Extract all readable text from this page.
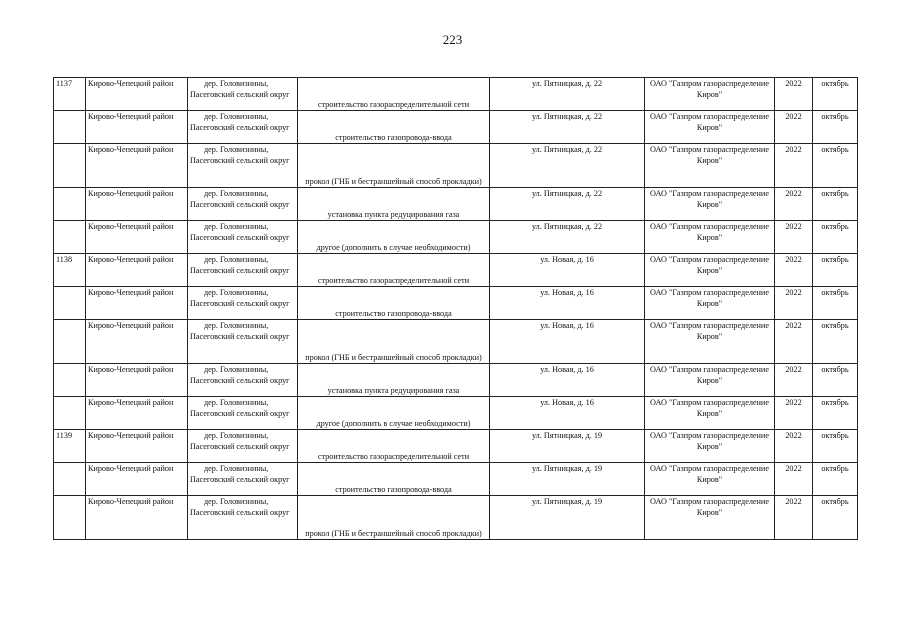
223
1137	Кирово-Чепецкий район	дер. Головизнины,
Пасеговский сельский округ	строительство газораспределительной сети	ул. Пятницкая, д. 22	ОАО "Газпром газораспределение Киров"	2022	октябрь
	Кирово-Чепецкий район	дер. Головизнины,
Пасеговский сельский округ	строительство газопровода-ввода	ул. Пятницкая, д. 22	ОАО "Газпром газораспределение Киров"	2022	октябрь
	Кирово-Чепецкий район	дер. Головизнины,
Пасеговский сельский округ	прокол (ГНБ и бестраншейный способ прокладки)	ул. Пятницкая, д. 22	ОАО "Газпром газораспределение Киров"	2022	октябрь
	Кирово-Чепецкий район	дер. Головизнины,
Пасеговский сельский округ	установка пункта редуцирования газа	ул. Пятницкая, д. 22	ОАО "Газпром газораспределение Киров"	2022	октябрь
	Кирово-Чепецкий район	дер. Головизнины,
Пасеговский сельский округ	другое (дополнить в случае необходимости)	ул. Пятницкая, д. 22	ОАО "Газпром газораспределение Киров"	2022	октябрь
1138	Кирово-Чепецкий район	дер. Головизнины,
Пасеговский сельский округ	строительство газораспределительной сети	ул. Новая, д. 16	ОАО "Газпром газораспределение Киров"	2022	октябрь
	Кирово-Чепецкий район	дер. Головизнины,
Пасеговский сельский округ	строительство газопровода-ввода	ул. Новая, д. 16	ОАО "Газпром газораспределение Киров"	2022	октябрь
	Кирово-Чепецкий район	дер. Головизнины,
Пасеговский сельский округ	прокол (ГНБ и бестраншейный способ прокладки)	ул. Новая, д. 16	ОАО "Газпром газораспределение Киров"	2022	октябрь
	Кирово-Чепецкий район	дер. Головизнины,
Пасеговский сельский округ	установка пункта редуцирования газа	ул. Новая, д. 16	ОАО "Газпром газораспределение Киров"	2022	октябрь
	Кирово-Чепецкий район	дер. Головизнины,
Пасеговский сельский округ	другое (дополнить в случае необходимости)	ул. Новая, д. 16	ОАО "Газпром газораспределение Киров"	2022	октябрь
1139	Кирово-Чепецкий район	дер. Головизнины,
Пасеговский сельский округ	строительство газораспределительной сети	ул. Пятницкая, д. 19	ОАО "Газпром газораспределение Киров"	2022	октябрь
	Кирово-Чепецкий район	дер. Головизнины,
Пасеговский сельский округ	строительство газопровода-ввода	ул. Пятницкая, д. 19	ОАО "Газпром газораспределение Киров"	2022	октябрь
	Кирово-Чепецкий район	дер. Головизнины,
Пасеговский сельский округ	прокол (ГНБ и бестраншейный способ прокладки)	ул. Пятницкая, д. 19	ОАО "Газпром газораспределение Киров"	2022	октябрь
